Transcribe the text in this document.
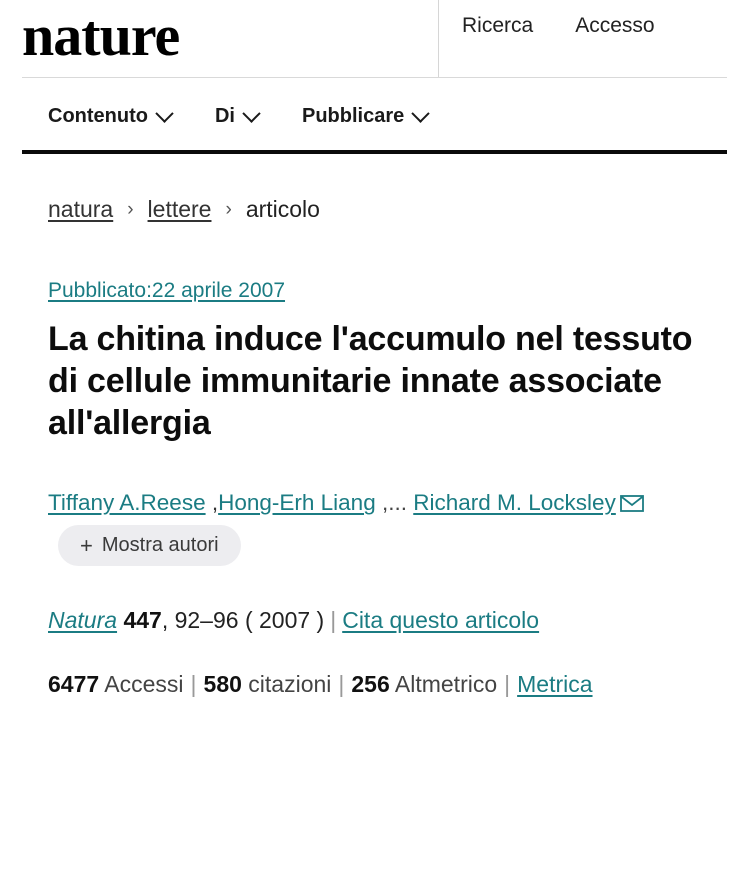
nature	Ricerca Accesso
Contenuto	Di	Pubblicare
natura › lettere › articolo
Pubblicato:22 aprile 2007
La chitina induce l'accumulo nel tessuto di cellule immunitarie innate associate all'allergia
Tiffany A.Reese ,Hong-Erh Liang ,... Richard M. Locksley
+ Mostra autori
Natura 447, 92–96 ( 2007 ) | Cita questo articolo
6477 Accessi | 580 citazioni | 256 Altmetrico | Metrica
